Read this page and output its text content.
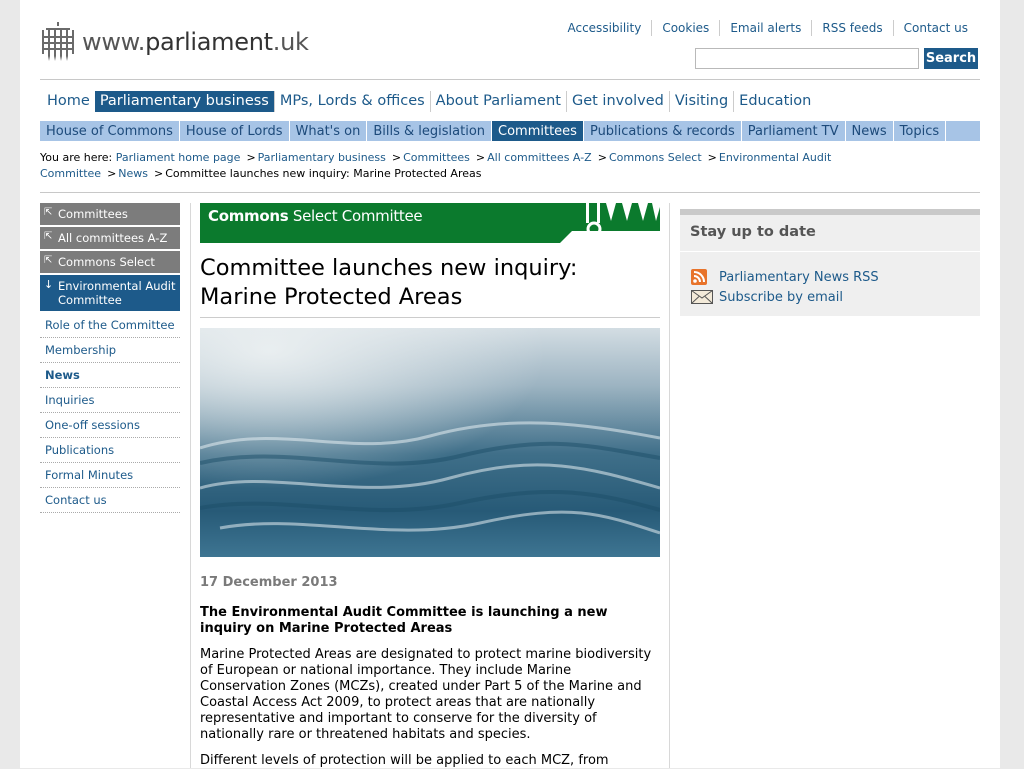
www.parliament.uk	Accessibility	Cookies	Email alerts	RSS feeds	Contact us
Search
Home Parliamentary business MPs, Lords & offices About Parliament Get involved Visiting Education
House of Commons	House of Lords	What's on	Bills & legislation	Committees	Publications & records	Parliament TV	News	Topics
You are here: Parliament home page > Parliamentary business > Committees > All committees A-Z > Commons Select > Environmental Audit Committee > News > Committee launches new inquiry: Marine Protected Areas
⇱ Committees
⇱ All committees A-Z
⇱ Commons Select
↓ Environmental Audit Committee
Role of the Committee
Membership
News
Inquiries
One-off sessions
Publications
Formal Minutes
Contact us
Commons Select Committee
Committee launches new inquiry: Marine Protected Areas
17 December 2013
The Environmental Audit Committee is launching a new inquiry on Marine Protected Areas
Marine Protected Areas are designated to protect marine biodiversity of European or national importance. They include Marine Conservation Zones (MCZs), created under Part 5 of the Marine and Coastal Access Act 2009, to protect areas that are nationally representative and important to conserve for the diversity of nationally rare or threatened habitats and species.
Different levels of protection will be applied to each MCZ, from
Stay up to date
Parliamentary News RSS
Subscribe by email
